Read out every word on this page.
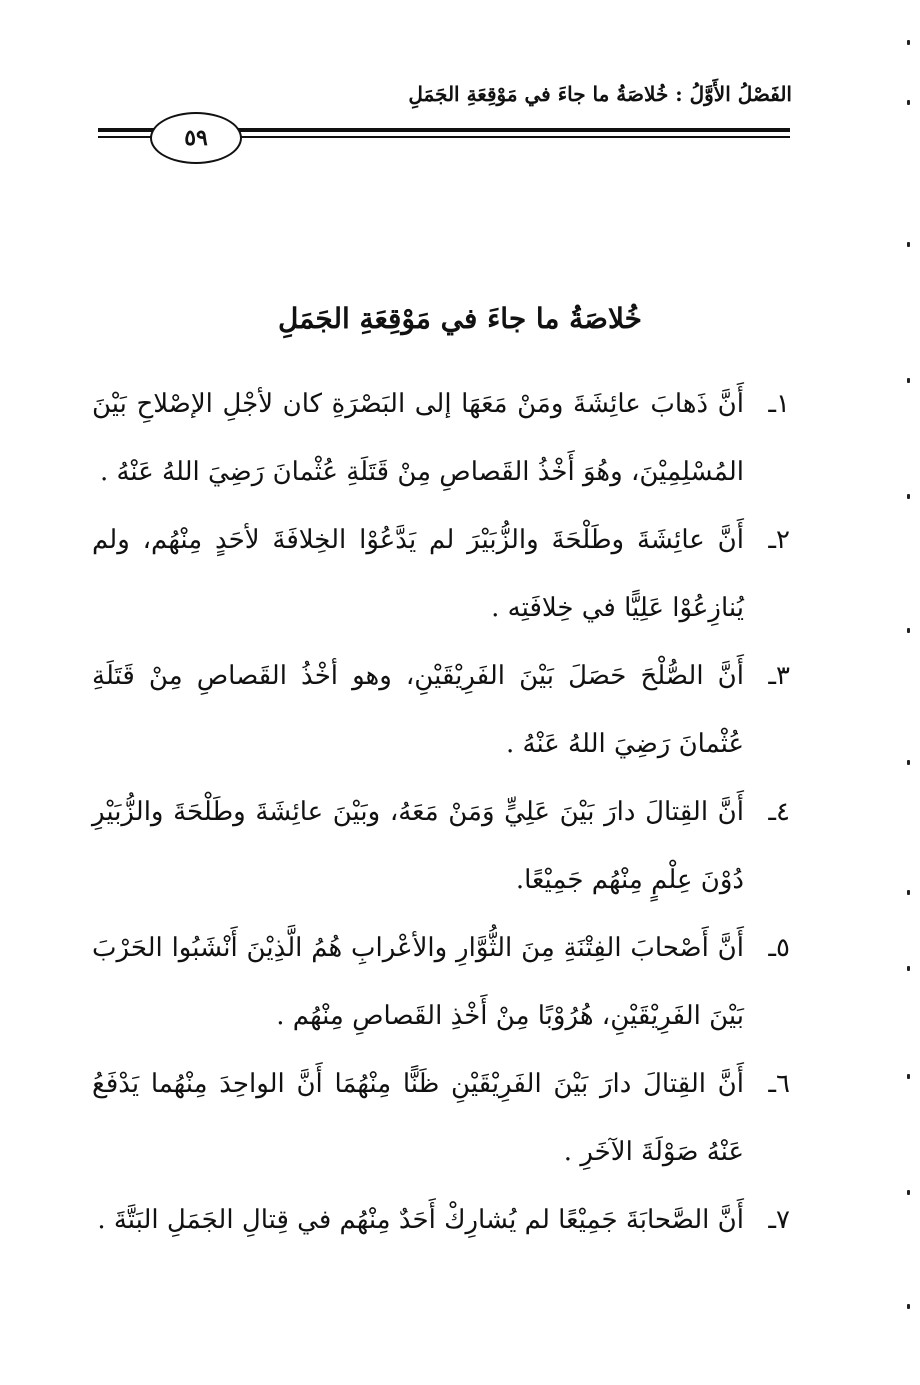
الفَصْلُ الأَوَّلُ : خُلاصَةُ ما جاءَ في مَوْقِعَةِ الجَمَلِ
٥٩
خُلاصَةُ ما جاءَ في مَوْقِعَةِ الجَمَلِ
١ـ
أَنَّ ذَهابَ عائِشَةَ ومَنْ مَعَهَا إلى البَصْرَةِ كان لأجْلِ الإصْلاحِ بَيْنَ المُسْلِمِيْنَ، وهُوَ أَخْذُ القَصاصِ مِنْ قَتَلَةِ عُثْمانَ رَضِيَ اللهُ عَنْهُ .
٢ـ
أَنَّ عائِشَةَ وطَلْحَةَ والزُّبَيْرَ لم يَدَّعُوْا الخِلافَةَ لأحَدٍ مِنْهُم، ولم يُنازِعُوْا عَلِيًّا في خِلافَتِه .
٣ـ
أَنَّ الصُّلْحَ حَصَلَ بَيْنَ الفَرِيْقَيْنِ، وهو أخْذُ القَصاصِ مِنْ قَتَلَةِ عُثْمانَ رَضِيَ اللهُ عَنْهُ .
٤ـ
أَنَّ القِتالَ دارَ بَيْنَ عَلِيٍّ وَمَنْ مَعَهُ، وبَيْنَ عائِشَةَ وطَلْحَةَ والزُّبَيْرِ دُوْنَ عِلْمٍ مِنْهُم جَمِيْعًا.
٥ـ
أَنَّ أَصْحابَ الفِتْنَةِ مِنَ الثُّوَّارِ والأعْرابِ هُمُ الَّذِيْنَ أَنْشَبُوا الحَرْبَ بَيْنَ الفَرِيْقَيْنِ، هُرُوْبًا مِنْ أَخْذِ القَصاصِ مِنْهُم .
٦ـ
أَنَّ القِتالَ دارَ بَيْنَ الفَرِيْقَيْنِ ظَنًّا مِنْهُمَا أَنَّ الواحِدَ مِنْهُما يَدْفَعُ عَنْهُ صَوْلَةَ الآخَرِ .
٧ـ
أَنَّ الصَّحابَةَ جَمِيْعًا لم يُشارِكْ أَحَدٌ مِنْهُم في قِتالِ الجَمَلِ البَتَّةَ .
